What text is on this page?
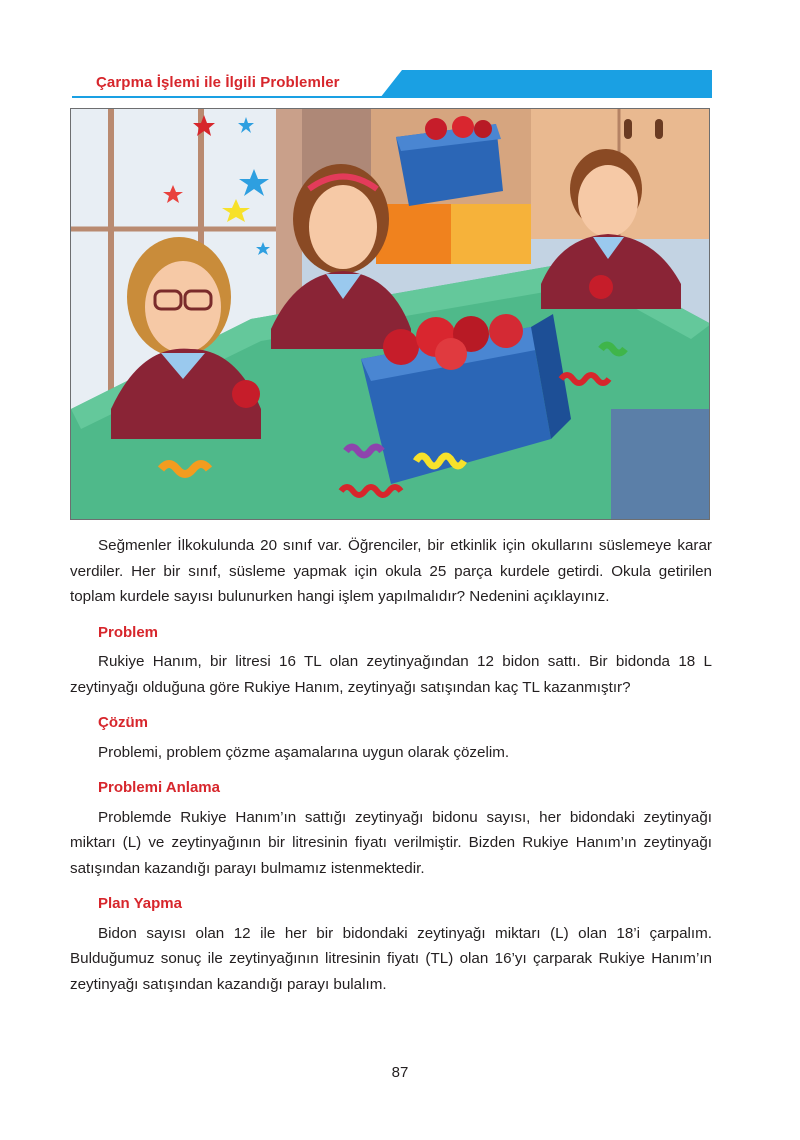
Çarpma İşlemi ile İlgili Problemler

Seğmenler İlkokulunda 20 sınıf var. Öğrenciler, bir etkinlik için okullarını süslemeye karar verdiler. Her bir sınıf, süsleme yapmak için okula 25 parça kurdele getirdi. Okula getirilen toplam kurdele sayısı bulunurken hangi işlem yapılmalıdır? Nedenini açıklayınız.

Problem

Rukiye Hanım, bir litresi 16 TL olan zeytinyağından 12 bidon sattı. Bir bidonda 18 L zeytinyağı olduğuna göre Rukiye Hanım, zeytinyağı satışından kaç TL kazanmıştır?

Çözüm

Problemi, problem çözme aşamalarına uygun olarak çözelim.

Problemi Anlama

Problemde Rukiye Hanım’ın sattığı zeytinyağı bidonu sayısı, her bidondaki zeytinyağı miktarı (L) ve zeytinyağının bir litresinin fiyatı verilmiştir. Bizden Rukiye Hanım’ın zeytinyağı satışından kazandığı parayı bulmamız istenmektedir.

Plan Yapma

Bidon sayısı olan 12 ile her bir bidondaki zeytinyağı miktarı (L) olan 18’i çarpalım. Bulduğumuz sonuç ile zeytinyağının litresinin fiyatı (TL) olan 16’yı çarparak Rukiye Hanım’ın zeytinyağı satışından kazandığı parayı bulalım.

87
